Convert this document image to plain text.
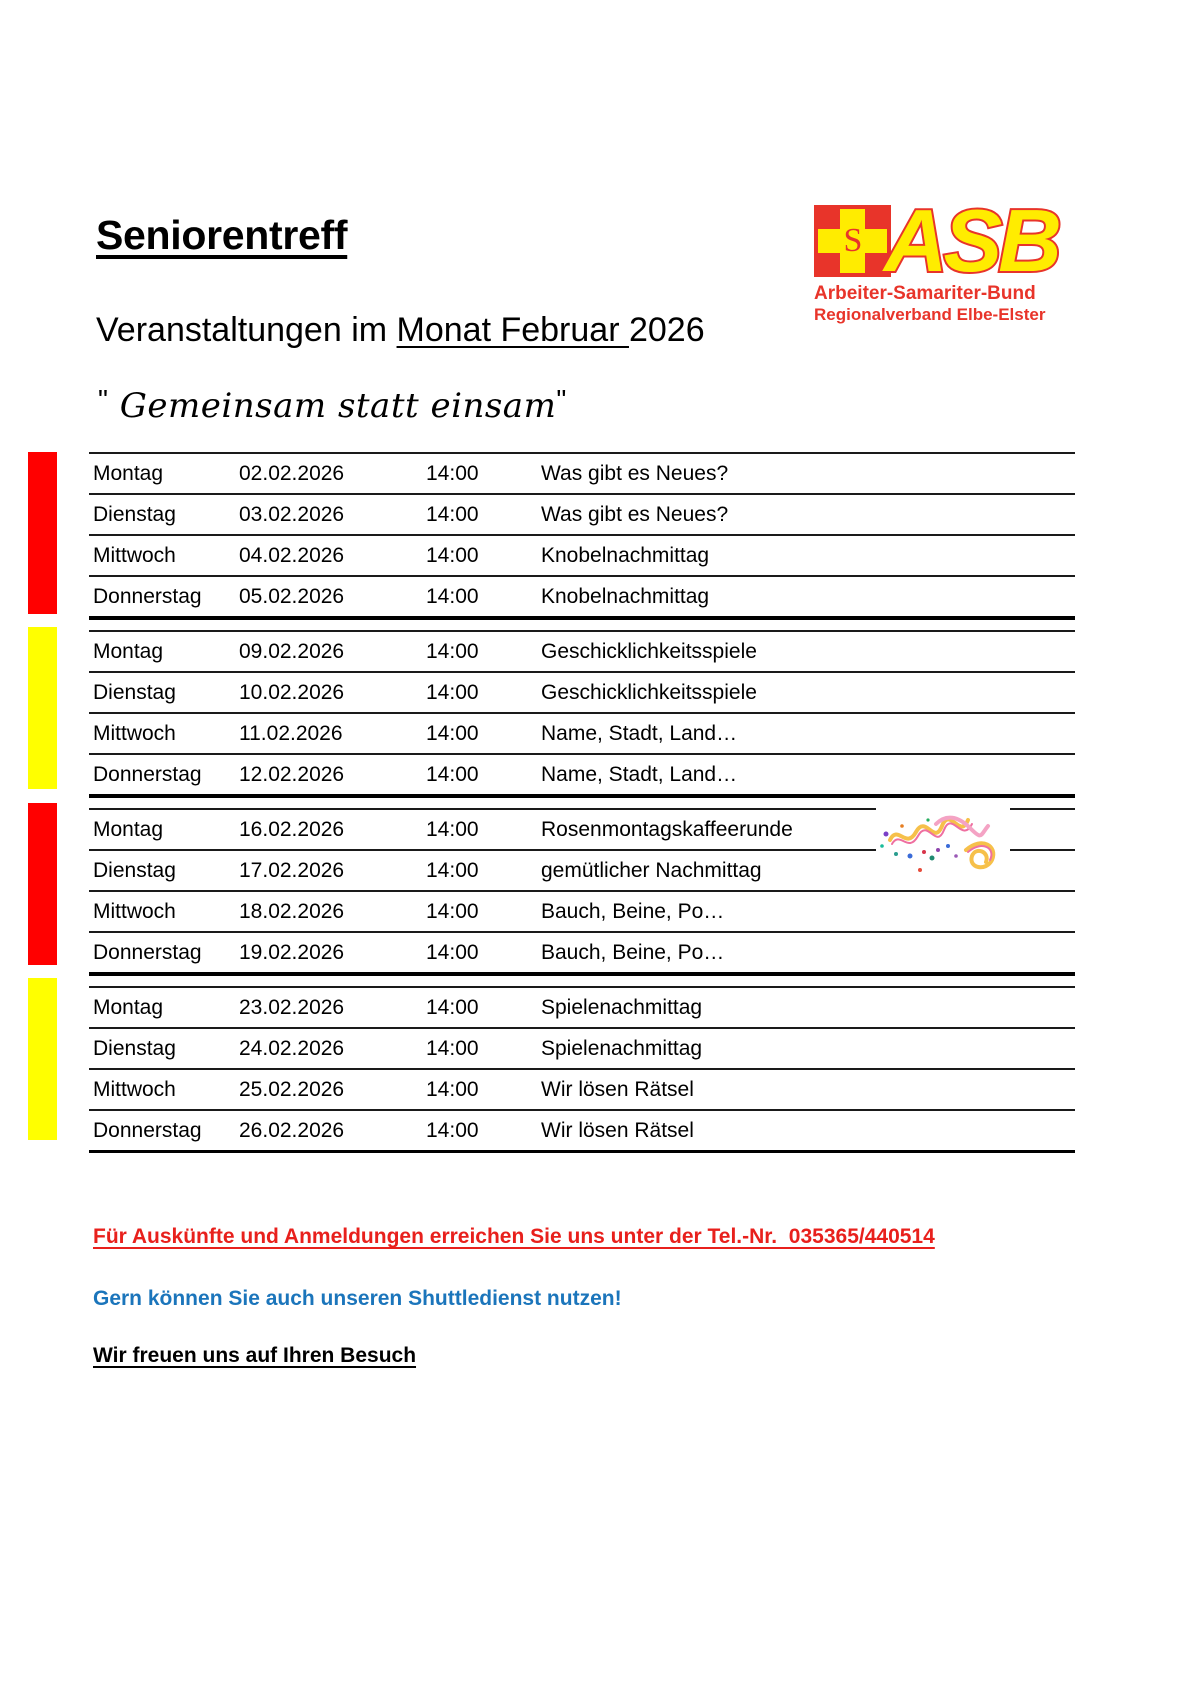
Seniorentreff
Veranstaltungen im Monat Februar 2026
" Gemeinsam statt einsam"
S ASB
Arbeiter-Samariter-Bund
Regionalverband Elbe-Elster
Montag	02.02.2026	14:00	Was gibt es Neues?
Dienstag	03.02.2026	14:00	Was gibt es Neues?
Mittwoch	04.02.2026	14:00	Knobelnachmittag
Donnerstag 05.02.2026	14:00	Knobelnachmittag
Montag	09.02.2026	14:00	Geschicklichkeitsspiele
Dienstag	10.02.2026	14:00	Geschicklichkeitsspiele
Mittwoch	11.02.2026	14:00	Name, Stadt, Land…
Donnerstag 12.02.2026	14:00	Name, Stadt, Land…
Montag	16.02.2026	14:00	Rosenmontagskaffeerunde
Dienstag	17.02.2026	14:00	gemütlicher Nachmittag
Mittwoch	18.02.2026	14:00	Bauch, Beine, Po…
Donnerstag 19.02.2026	14:00	Bauch, Beine, Po…
Montag	23.02.2026	14:00	Spielenachmittag
Dienstag	24.02.2026	14:00	Spielenachmittag
Mittwoch	25.02.2026	14:00	Wir lösen Rätsel
Donnerstag 26.02.2026	14:00	Wir lösen Rätsel
Für Auskünfte und Anmeldungen erreichen Sie uns unter der Tel.-Nr.  035365/440514
Gern können Sie auch unseren Shuttledienst nutzen!
Wir freuen uns auf Ihren Besuch
